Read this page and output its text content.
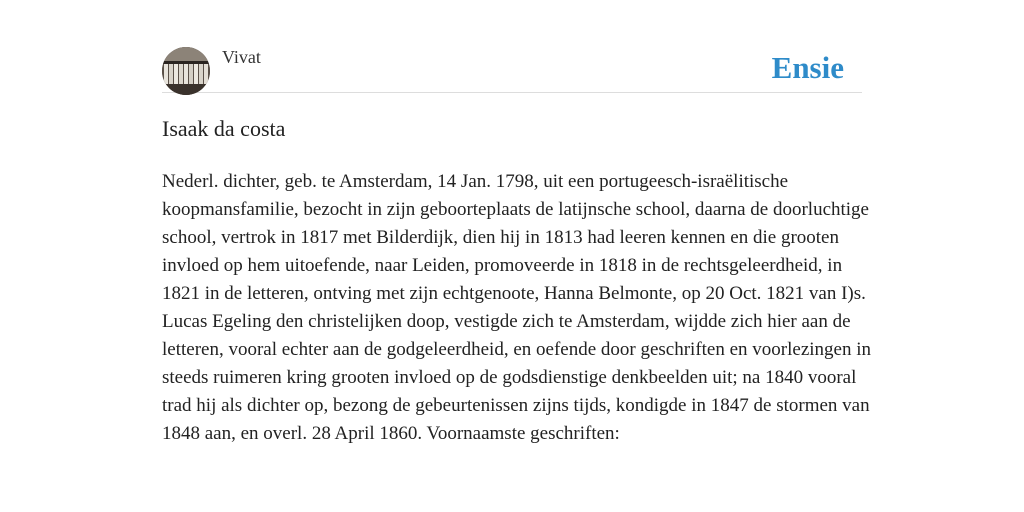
Vivat	Ensie
Isaak da costa

Nederl. dichter, geb. te Amsterdam, 14 Jan. 1798, uit een portugeesch-israëlitische koopmansfamilie, bezocht in zijn geboorteplaats de latijnsche school, daarna de doorluchtige school, vertrok in 1817 met Bilderdijk, dien hij in 1813 had leeren kennen en die grooten invloed op hem uitoefende, naar Leiden, promoveerde in 1818 in de rechtsgeleerdheid, in 1821 in de letteren, ontving met zijn echtgenoote, Hanna Belmonte, op 20 Oct. 1821 van I)s. Lucas Egeling den christelijken doop, vestigde zich te Amsterdam, wijdde zich hier aan de letteren, vooral echter aan de godgeleerdheid, en oefende door geschriften en voorlezingen in steeds ruimeren kring grooten invloed op de godsdienstige denkbeelden uit; na 1840 vooral trad hij als dichter op, bezong de gebeurtenissen zijns tijds, kondigde in 1847 de stormen van 1848 aan, en overl. 28 April 1860. Voornaamste geschriften:
